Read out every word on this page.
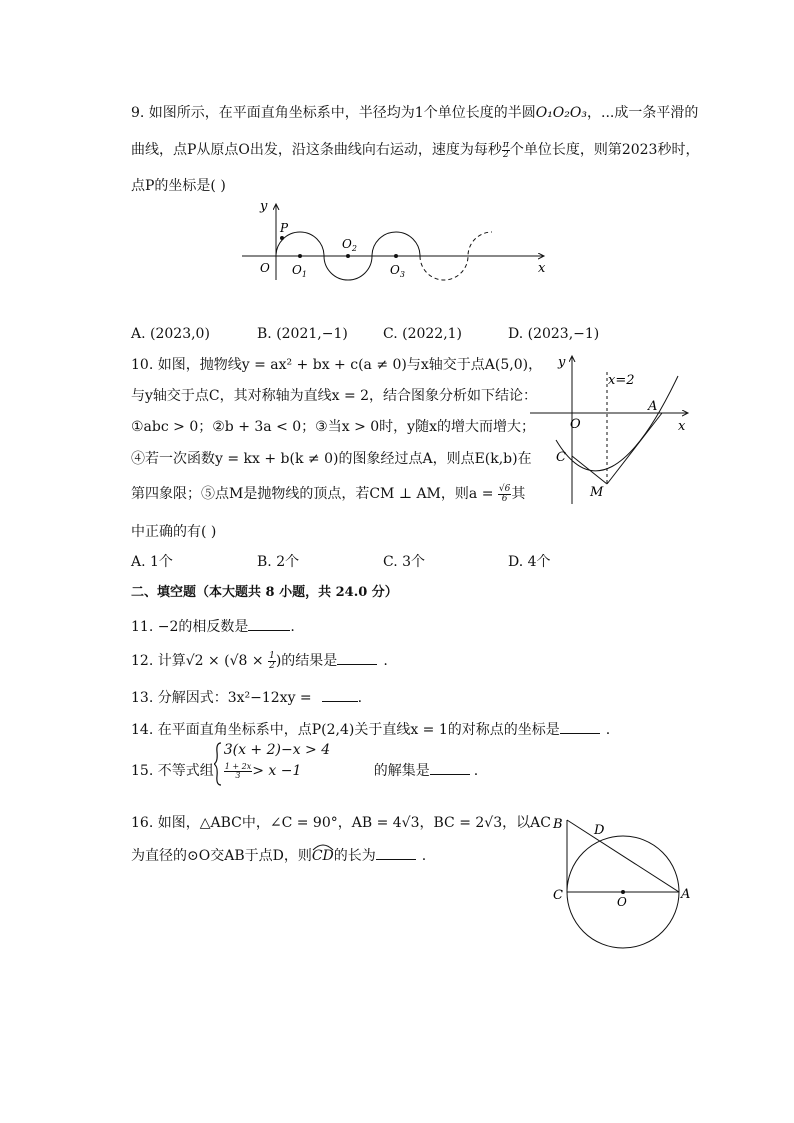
9. 如图所示，在平面直角坐标系中，半径均为1个单位长度的半圆O₁O₂O₃，...成一条平滑的
曲线，点P从原点O出发，沿这条曲线向右运动，速度为每秒 $\frac{\pi}{2}$ 个单位长度，则第2023秒时，
点P的坐标是( )
y
x
O
P
$O_1$
$O_2$
$O_3$
A. (2023,0)	B. (2021,−1)	C. (2022,1)	D. (2023,−1)
10. 如图，抛物线y = ax² + bx + c(a ≠ 0)与x轴交于点A(5,0)，
与y轴交于点C，其对称轴为直线x = 2，结合图象分析如下结论：
①abc > 0；②b + 3a < 0；③当x > 0时，y随x的增大而增大；
④若一次函数y = kx + b(k ≠ 0)的图象经过点A，则点E(k,b)在
第四象限；⑤点M是抛物线的顶点，若CM ⊥ AM，则$a = \frac{√6}{6}$ 其
中正确的有( )
y
x
O
A
C
M
x=2
A. 1个	B. 2个	C. 3个	D. 4个
二、填空题（本大题共 8 小题，共 24.0 分）
11. −2的相反数是	.
12. 计算$√2 \times (√8 \times \frac{1}{2}$ )的结果是	.
13. 分解因式：3x²−12xy =	.
14. 在平面直角坐标系中，点P(2,4)关于直线x = 1的对称点的坐标是	.
15. 不等式组
3(x + 2)−x > 4
$\frac{1 + 2x}{3} > x -1$	的解集是	.
16. 如图，△ABC中，∠C = 90°，AB = 4√3，BC = 2√3，以AC
为直径的⊙O交AB于点D，则
CD的长为	.
B D
C	A
O
